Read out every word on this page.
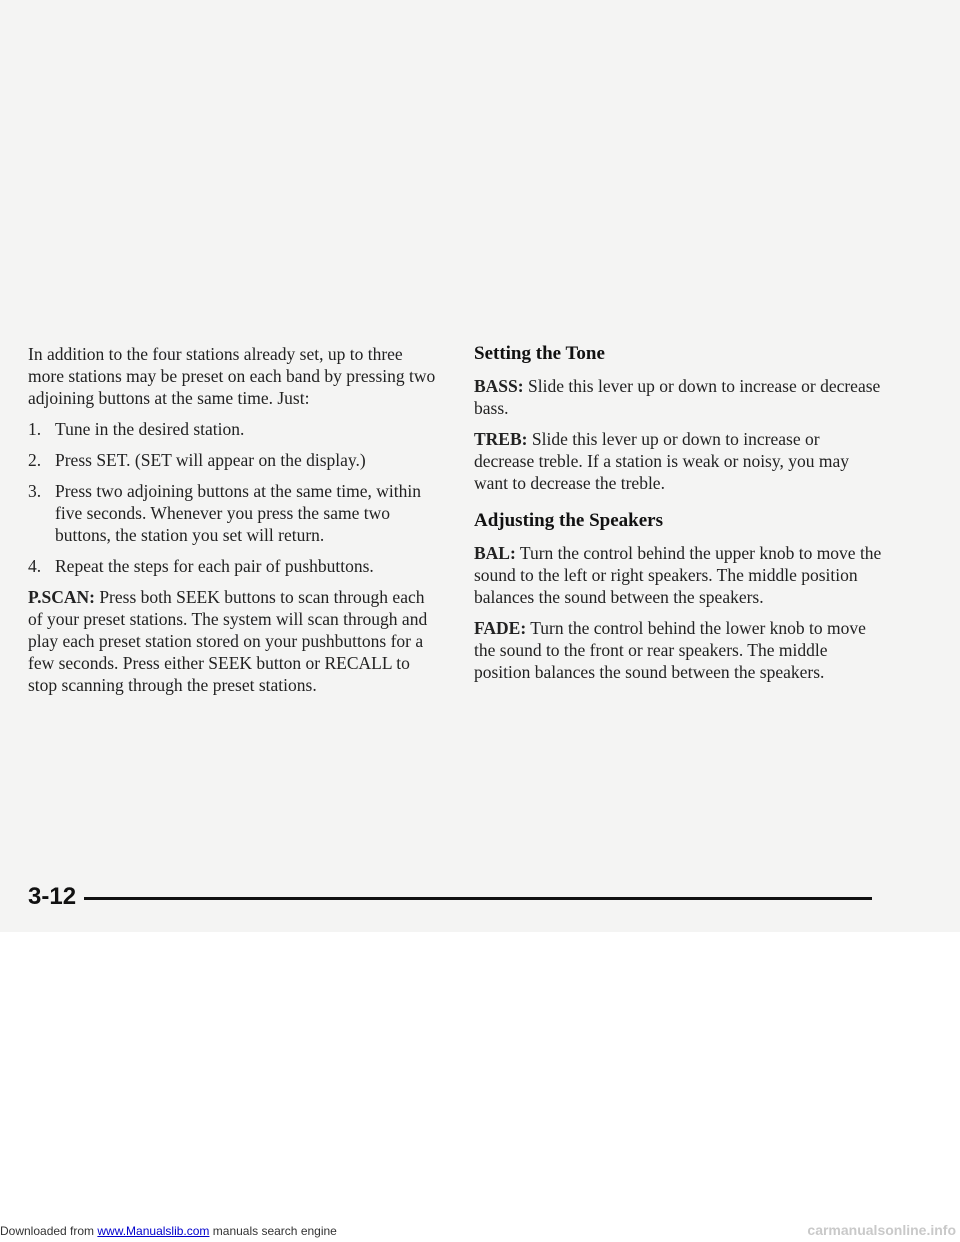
In addition to the four stations already set, up to three more stations may be preset on each band by pressing two adjoining buttons at the same time. Just:

1. Tune in the desired station.
2. Press SET. (SET will appear on the display.)
3. Press two adjoining buttons at the same time, within five seconds. Whenever you press the same two buttons, the station you set will return.
4. Repeat the steps for each pair of pushbuttons.

P.SCAN: Press both SEEK buttons to scan through each of your preset stations. The system will scan through and play each preset station stored on your pushbuttons for a few seconds. Press either SEEK button or RECALL to stop scanning through the preset stations.

Setting the Tone

BASS: Slide this lever up or down to increase or decrease bass.

TREB: Slide this lever up or down to increase or decrease treble. If a station is weak or noisy, you may want to decrease the treble.

Adjusting the Speakers

BAL: Turn the control behind the upper knob to move the sound to the left or right speakers. The middle position balances the sound between the speakers.

FADE: Turn the control behind the lower knob to move the sound to the front or rear speakers. The middle position balances the sound between the speakers.

3-12
Downloaded from www.Manualslib.com manuals search engine	carmanualsonline.info
